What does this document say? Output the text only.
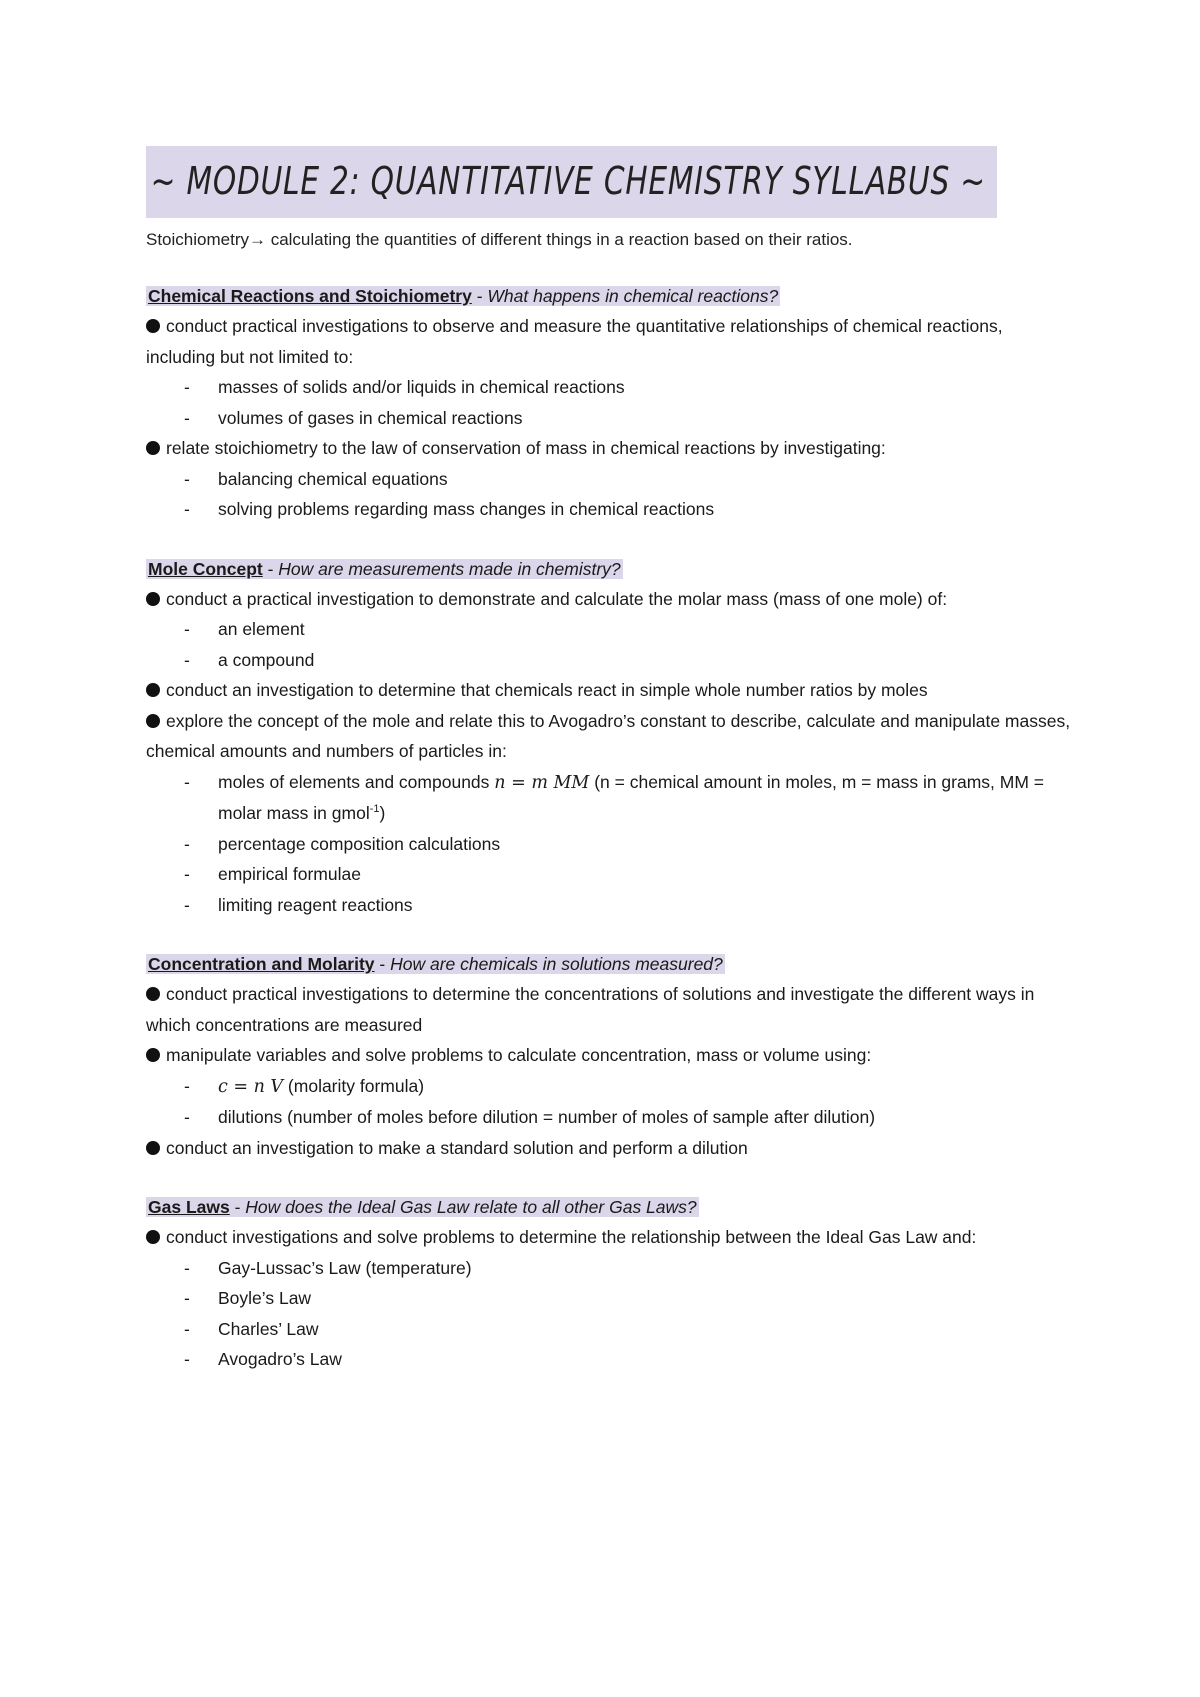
~ MODULE 2: QUANTITATIVE CHEMISTRY SYLLABUS ~
Stoichiometry→ calculating the quantities of different things in a reaction based on their ratios.
Chemical Reactions and Stoichiometry - What happens in chemical reactions?
conduct practical investigations to observe and measure the quantitative relationships of chemical reactions, including but not limited to:
- masses of solids and/or liquids in chemical reactions
- volumes of gases in chemical reactions
relate stoichiometry to the law of conservation of mass in chemical reactions by investigating:
- balancing chemical equations
- solving problems regarding mass changes in chemical reactions
Mole Concept - How are measurements made in chemistry?
conduct a practical investigation to demonstrate and calculate the molar mass (mass of one mole) of:
- an element
- a compound
conduct an investigation to determine that chemicals react in simple whole number ratios by moles
explore the concept of the mole and relate this to Avogadro’s constant to describe, calculate and manipulate masses, chemical amounts and numbers of particles in:
- moles of elements and compounds n = m MM (n = chemical amount in moles, m = mass in grams, MM = molar mass in gmol$^{-1}$)
- percentage composition calculations
- empirical formulae
- limiting reagent reactions
Concentration and Molarity - How are chemicals in solutions measured?
conduct practical investigations to determine the concentrations of solutions and investigate the different ways in which concentrations are measured
manipulate variables and solve problems to calculate concentration, mass or volume using:
- c = n V (molarity formula)
- dilutions (number of moles before dilution = number of moles of sample after dilution)
conduct an investigation to make a standard solution and perform a dilution
Gas Laws - How does the Ideal Gas Law relate to all other Gas Laws?
conduct investigations and solve problems to determine the relationship between the Ideal Gas Law and:
- Gay-Lussac’s Law (temperature)
- Boyle’s Law
- Charles’ Law
- Avogadro’s Law
